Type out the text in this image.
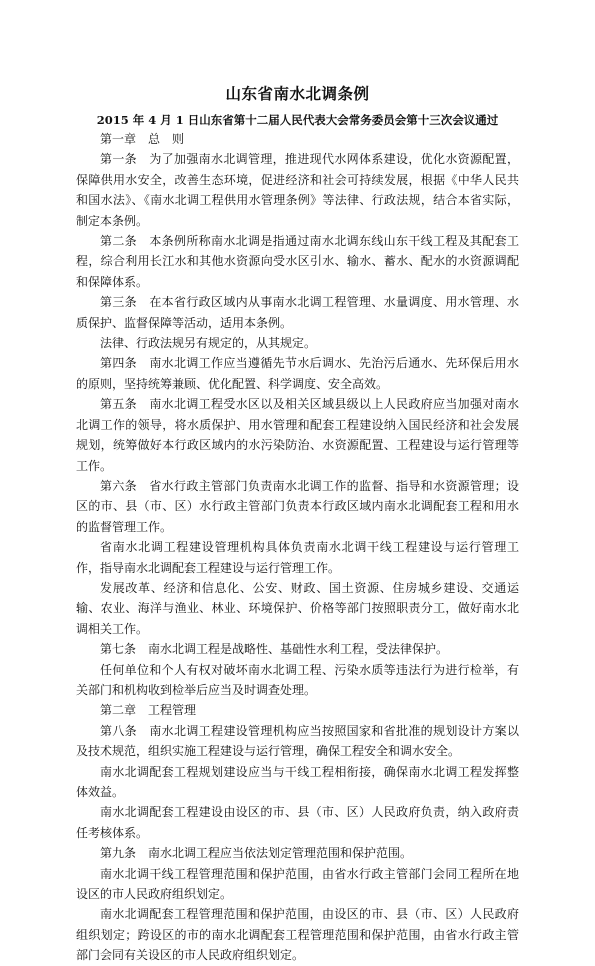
山东省南水北调条例
2015 年 4 月 1 日山东省第十二届人民代表大会常务委员会第十三次会议通过

第一章　总　则

第一条　为了加强南水北调管理，推进现代水网体系建设，优化水资源配置，保障供用水安全，改善生态环境，促进经济和社会可持续发展，根据《中华人民共和国水法》、《南水北调工程供用水管理条例》等法律、行政法规，结合本省实际，制定本条例。

第二条　本条例所称南水北调是指通过南水北调东线山东干线工程及其配套工程，综合利用长江水和其他水资源向受水区引水、输水、蓄水、配水的水资源调配和保障体系。

第三条　在本省行政区域内从事南水北调工程管理、水量调度、用水管理、水质保护、监督保障等活动，适用本条例。

法律、行政法规另有规定的，从其规定。

第四条　南水北调工作应当遵循先节水后调水、先治污后通水、先环保后用水的原则，坚持统筹兼顾、优化配置、科学调度、安全高效。

第五条　南水北调工程受水区以及相关区域县级以上人民政府应当加强对南水北调工作的领导，将水质保护、用水管理和配套工程建设纳入国民经济和社会发展规划，统筹做好本行政区域内的水污染防治、水资源配置、工程建设与运行管理等工作。

第六条　省水行政主管部门负责南水北调工作的监督、指导和水资源管理；设区的市、县（市、区）水行政主管部门负责本行政区域内南水北调配套工程和用水的监督管理工作。

省南水北调工程建设管理机构具体负责南水北调干线工程建设与运行管理工作，指导南水北调配套工程建设与运行管理工作。

发展改革、经济和信息化、公安、财政、国土资源、住房城乡建设、交通运输、农业、海洋与渔业、林业、环境保护、价格等部门按照职责分工，做好南水北调相关工作。

第七条　南水北调工程是战略性、基础性水利工程，受法律保护。

任何单位和个人有权对破坏南水北调工程、污染水质等违法行为进行检举，有关部门和机构收到检举后应当及时调查处理。

第二章　工程管理

第八条　南水北调工程建设管理机构应当按照国家和省批准的规划设计方案以及技术规范，组织实施工程建设与运行管理，确保工程安全和调水安全。

南水北调配套工程规划建设应当与干线工程相衔接，确保南水北调工程发挥整体效益。

南水北调配套工程建设由设区的市、县（市、区）人民政府负责，纳入政府责任考核体系。

第九条　南水北调工程应当依法划定管理范围和保护范围。

南水北调干线工程管理范围和保护范围，由省水行政主管部门会同工程所在地设区的市人民政府组织划定。

南水北调配套工程管理范围和保护范围，由设区的市、县（市、区）人民政府组织划定；跨设区的市的南水北调配套工程管理范围和保护范围，由省水行政主管部门会同有关设区的市人民政府组织划定。
